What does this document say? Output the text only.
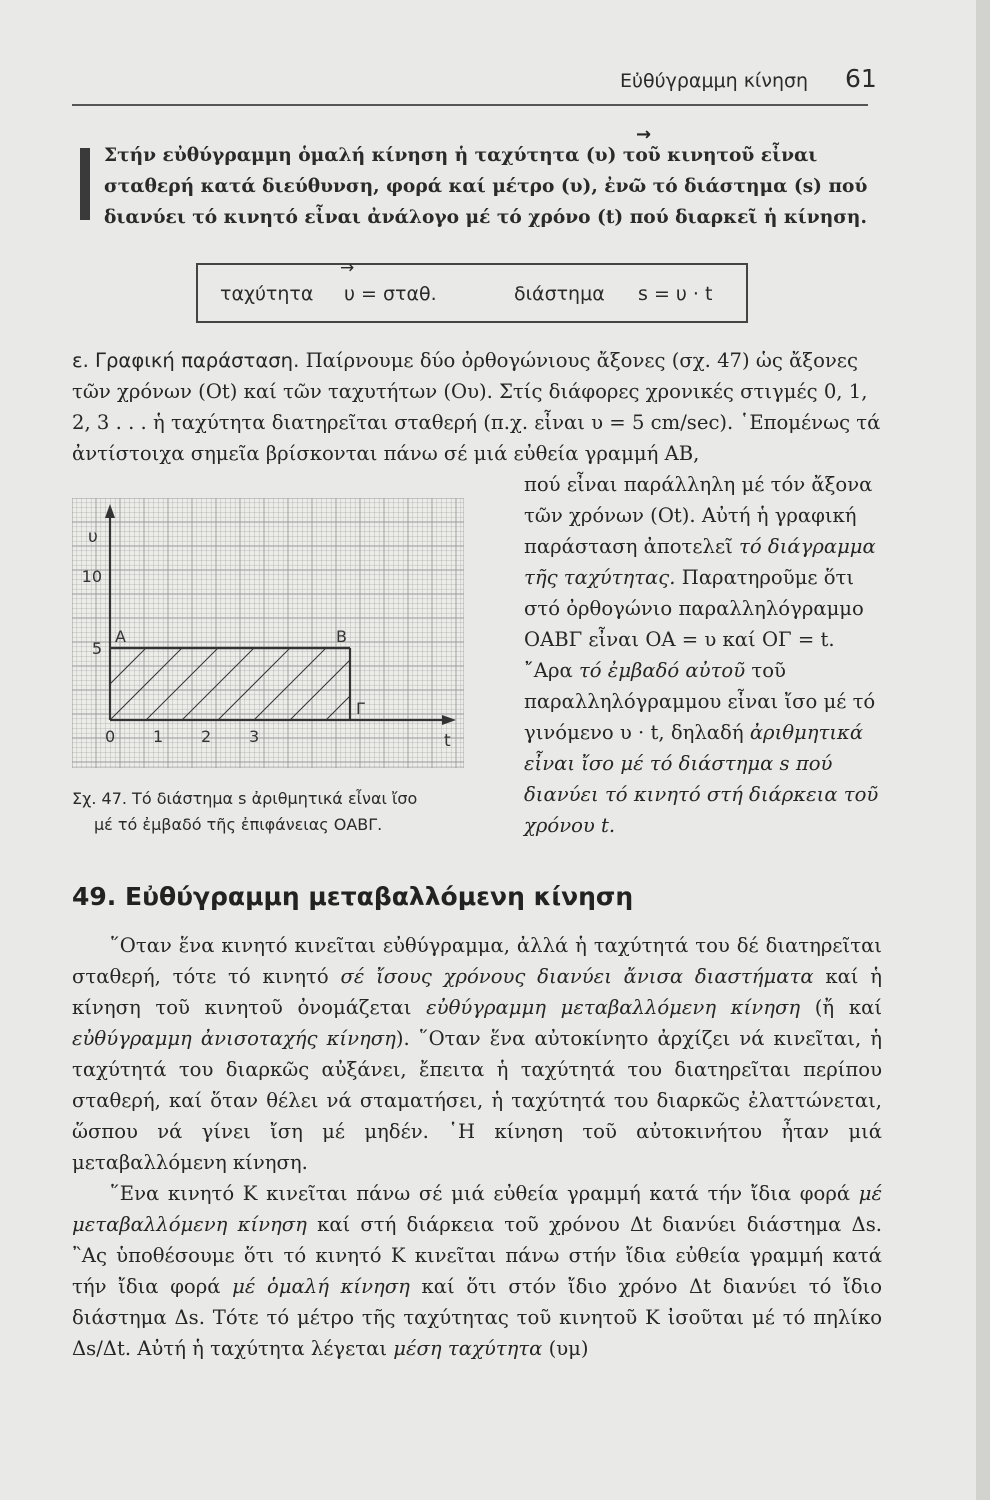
Εὐθύγραμμη κίνηση 61
→
Στήν εὐθύγραμμη ὁμαλή κίνηση ἡ ταχύτητα (υ) τοῦ κινητοῦ εἶναι σταθερή κατά διεύθυνση, φορά καί μέτρο (υ), ἐνῶ τό διάστημα (s) πού διανύει τό κινητό εἶναι ἀνάλογο μέ τό χρόνο (t) πού διαρκεῖ ἡ κίνηση.
→
ταχύτητα υ = σταθ.	διάστημα s = υ · t
ε. Γραφική παράσταση. Παίρνουμε δύο ὀρθογώνιους ἄξονες (σχ. 47) ὡς ἄξονες τῶν χρόνων (Ot) καί τῶν ταχυτήτων (Ου). Στίς διάφορες χρονικές στιγμές 0, 1, 2, 3 . . . ἡ ταχύτητα διατηρεῖται σταθερή (π.χ. εἶναι υ = 5 cm/sec). ῾Επομένως τά ἀντίστοιχα σημεῖα βρίσκονται πάνω σέ μιά εὐθεία γραμμή ΑΒ,
υ
t
0 1 2 3
5
10
Α	Β
Γ
πού εἶναι παράλληλη μέ τόν ἄξονα τῶν χρόνων (Οt). Αὐτή ἡ γραφική παράσταση ἀποτελεῖ τό διάγραμμα τῆς ταχύτητας. Παρατηροῦμε ὅτι στό ὀρθογώνιο παραλληλόγραμμο ΟΑΒΓ εἶναι ΟΑ = υ καί ΟΓ = t. ῎Αρα τό ἐμβαδό αὐτοῦ τοῦ παραλληλόγραμμου εἶναι ἴσο μέ τό γινόμενο υ · t, δηλαδή ἀριθμητικά εἶναι ἴσο μέ τό διάστημα s πού διανύει τό κινητό στή διάρκεια τοῦ χρόνου t.
Σχ. 47. Τό διάστημα s ἀριθμητικά εἶναι ἴσο
μέ τό ἐμβαδό τῆς ἐπιφάνειας ΟΑΒΓ.
49. Εὐθύγραμμη μεταβαλλόμενη κίνηση

῞Οταν ἕνα κινητό κινεῖται εὐθύγραμμα, ἀλλά ἡ ταχύτητά του δέ διατηρεῖται σταθερή, τότε τό κινητό σέ ἴσους χρόνους διανύει ἄνισα διαστήματα καί ἡ κίνηση τοῦ κινητοῦ ὀνομάζεται εὐθύγραμμη μεταβαλλόμενη κίνηση (ἤ καί εὐθύγραμμη ἀνισοταχής κίνηση). ῞Οταν ἕνα αὐτοκίνητο ἀρχίζει νά κινεῖται, ἡ ταχύτητά του διαρκῶς αὐξάνει, ἔπειτα ἡ ταχύτητά του διατηρεῖται περίπου σταθερή, καί ὅταν θέλει νά σταματήσει, ἡ ταχύτητά του διαρκῶς ἐλαττώνεται, ὥσπου νά γίνει ἴση μέ μηδέν. ῾Η κίνηση τοῦ αὐτοκινήτου ἦταν μιά μεταβαλλόμενη κίνηση.

῞Ενα κινητό Κ κινεῖται πάνω σέ μιά εὐθεία γραμμή κατά τήν ἴδια φορά μέ μεταβαλλόμενη κίνηση καί στή διάρκεια τοῦ χρόνου Δt διανύει διάστημα Δs. ῍Ας ὑποθέσουμε ὅτι τό κινητό Κ κινεῖται πάνω στήν ἴδια εὐθεία γραμμή κατά τήν ἴδια φορά μέ ὁμαλή κίνηση καί ὅτι στόν ἴδιο χρόνο Δt διανύει τό ἴδιο διάστημα Δs. Τότε τό μέτρο τῆς ταχύτητας τοῦ κινητοῦ Κ ἰσοῦται μέ τό πηλίκο Δs/Δt. Αὐτή ἡ ταχύτητα λέγεται μέση ταχύτητα (υμ)
